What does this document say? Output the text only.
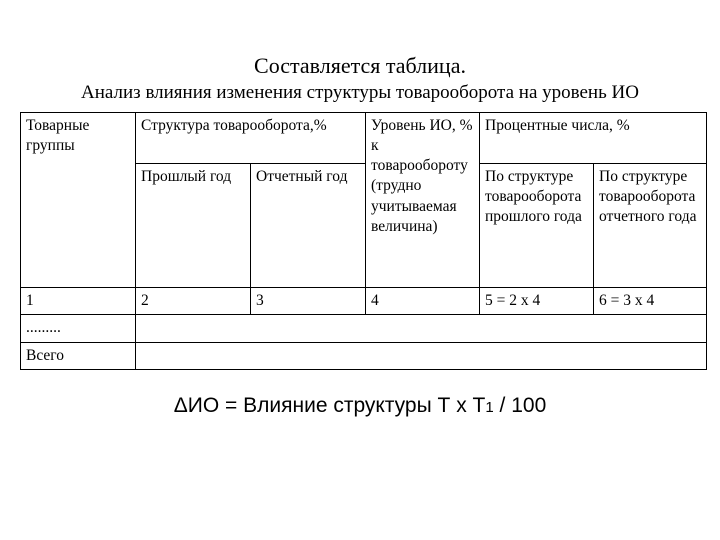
Составляется таблица.
Анализ влияния изменения структуры товарооборота на уровень ИО
Товарные группы	Структура товарооборота,%		Уровень ИО, % к товарообороту (трудно учитываемая величина)	Процентные числа, %	
	Прошлый год	Отчетный год		По структуре товарооборота прошлого года	По структуре товарооборота отчетного года
1	2	3	4	5 = 2 х 4	6 = 3 х 4
.........					
Всего					
ΔИО = Влияние структуры Т х Т1 / 100
